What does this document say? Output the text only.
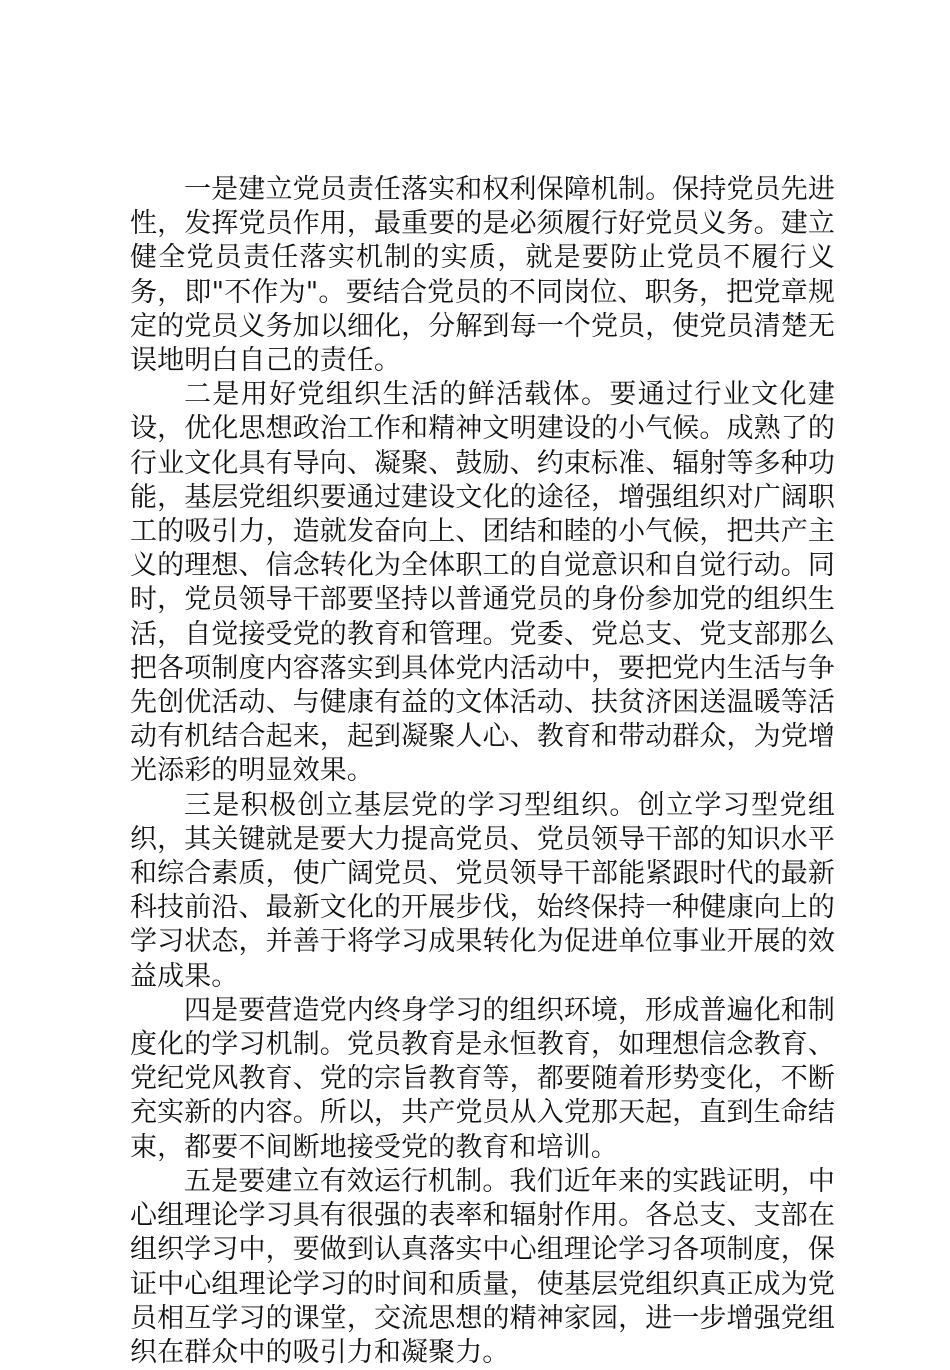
一是建立党员责任落实和权利保障机制。保持党员先进性，发挥党员作用，最重要的是必须履行好党员义务。建立健全党员责任落实机制的实质，就是要防止党员不履行义务，即"不作为"。要结合党员的不同岗位、职务，把党章规定的党员义务加以细化，分解到每一个党员，使党员清楚无误地明白自己的责任。

二是用好党组织生活的鲜活载体。要通过行业文化建设，优化思想政治工作和精神文明建设的小气候。成熟了的行业文化具有导向、凝聚、鼓励、约束标准、辐射等多种功能，基层党组织要通过建设文化的途径，增强组织对广阔职工的吸引力，造就发奋向上、团结和睦的小气候，把共产主义的理想、信念转化为全体职工的自觉意识和自觉行动。同时，党员领导干部要坚持以普通党员的身份参加党的组织生活，自觉接受党的教育和管理。党委、党总支、党支部那么把各项制度内容落实到具体党内活动中，要把党内生活与争先创优活动、与健康有益的文体活动、扶贫济困送温暖等活动有机结合起来，起到凝聚人心、教育和带动群众，为党增光添彩的明显效果。

三是积极创立基层党的学习型组织。创立学习型党组织，其关键就是要大力提高党员、党员领导干部的知识水平和综合素质，使广阔党员、党员领导干部能紧跟时代的最新科技前沿、最新文化的开展步伐，始终保持一种健康向上的学习状态，并善于将学习成果转化为促进单位事业开展的效益成果。

四是要营造党内终身学习的组织环境，形成普遍化和制度化的学习机制。党员教育是永恒教育，如理想信念教育、党纪党风教育、党的宗旨教育等，都要随着形势变化，不断充实新的内容。所以，共产党员从入党那天起，直到生命结束，都要不间断地接受党的教育和培训。

五是要建立有效运行机制。我们近年来的实践证明，中心组理论学习具有很强的表率和辐射作用。各总支、支部在组织学习中，要做到认真落实中心组理论学习各项制度，保证中心组理论学习的时间和质量，使基层党组织真正成为党员相互学习的课堂，交流思想的精神家园，进一步增强党组织在群众中的吸引力和凝聚力。
